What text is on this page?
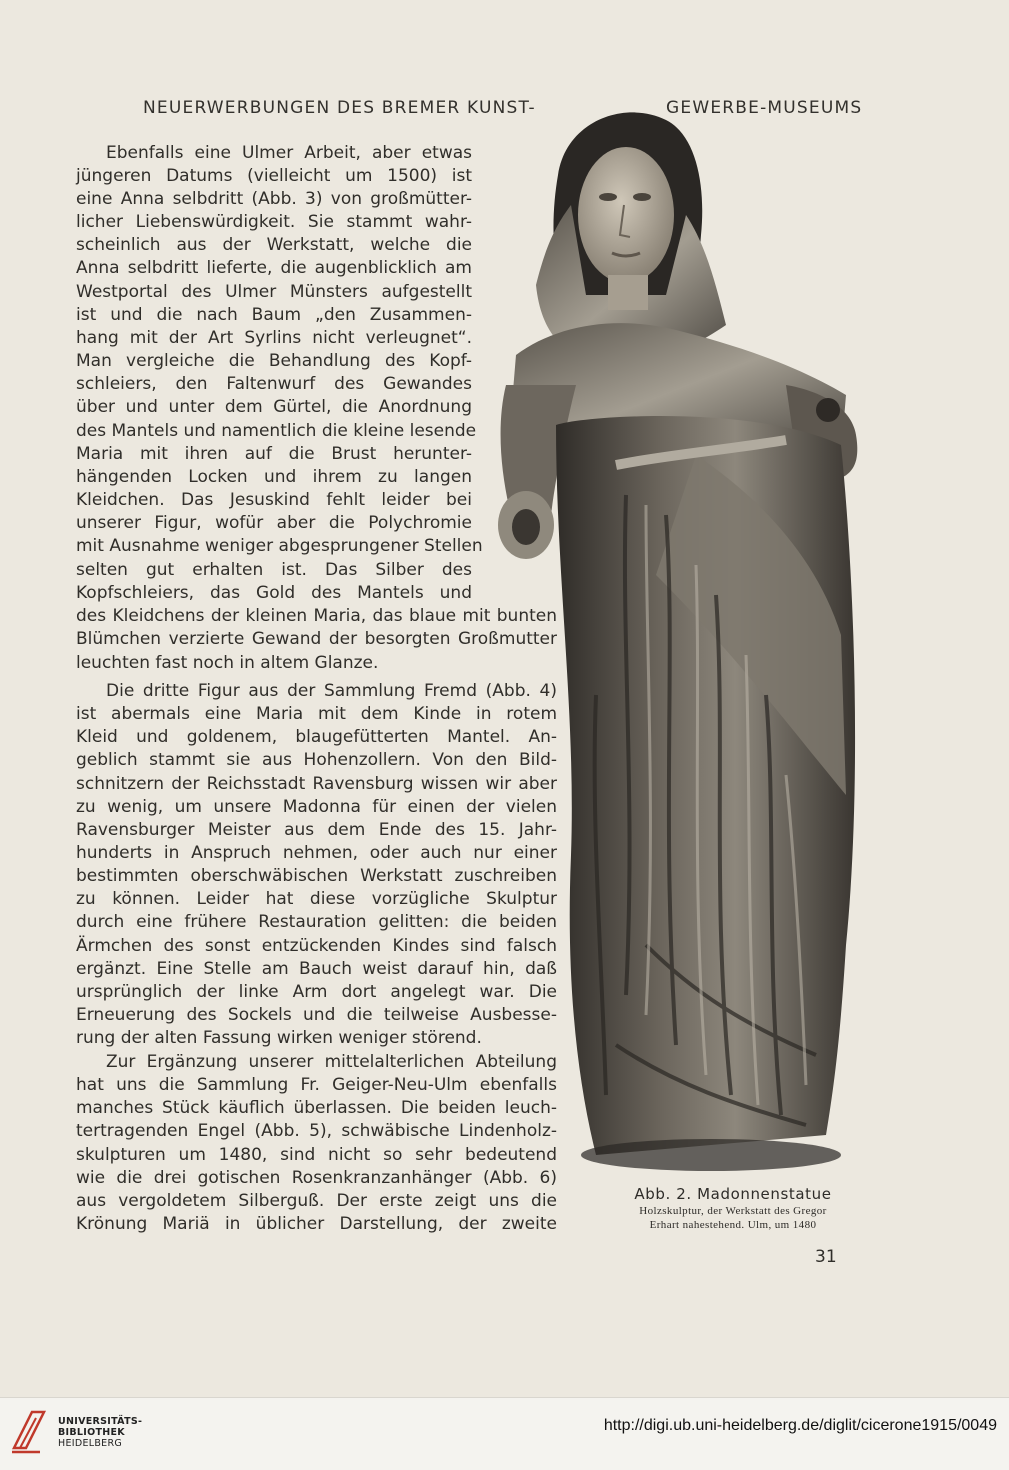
NEUERWERBUNGEN DES BREMER KUNST-	GEWERBE-MUSEUMS
Ebenfalls eine Ulmer Arbeit, aber etwas
jüngeren Datums (vielleicht um 1500) ist
eine Anna selbdritt (Abb. 3) von großmütter-
licher Liebenswürdigkeit. Sie stammt wahr-
scheinlich aus der Werkstatt, welche die
Anna selbdritt lieferte, die augenblicklich am
Westportal des Ulmer Münsters aufgestellt
ist und die nach Baum „den Zusammen-
hang mit der Art Syrlins nicht verleugnet“.
Man vergleiche die Behandlung des Kopf-
schleiers, den Faltenwurf des Gewandes
über und unter dem Gürtel, die Anordnung
des Mantels und namentlich die kleine lesende
Maria mit ihren auf die Brust herunter-
hängenden Locken und ihrem zu langen
Kleidchen. Das Jesuskind fehlt leider bei
unserer Figur, wofür aber die Polychromie
mit Ausnahme weniger abgesprungener Stellen
selten gut erhalten ist. Das Silber des
Kopfschleiers, das Gold des Mantels und
des Kleidchens der kleinen Maria, das blaue mit bunten
Blümchen verzierte Gewand der besorgten Großmutter
leuchten fast noch in altem Glanze.
Die dritte Figur aus der Sammlung Fremd (Abb. 4)
ist abermals eine Maria mit dem Kinde in rotem
Kleid und goldenem, blaugefütterten Mantel. An-
geblich stammt sie aus Hohenzollern. Von den Bild-
schnitzern der Reichsstadt Ravensburg wissen wir aber
zu wenig, um unsere Madonna für einen der vielen
Ravensburger Meister aus dem Ende des 15. Jahr-
hunderts in Anspruch nehmen, oder auch nur einer
bestimmten oberschwäbischen Werkstatt zuschreiben
zu können. Leider hat diese vorzügliche Skulptur
durch eine frühere Restauration gelitten: die beiden
Ärmchen des sonst entzückenden Kindes sind falsch
ergänzt. Eine Stelle am Bauch weist darauf hin, daß
ursprünglich der linke Arm dort angelegt war. Die
Erneuerung des Sockels und die teilweise Ausbesse-
rung der alten Fassung wirken weniger störend.
Zur Ergänzung unserer mittelalterlichen Abteilung
hat uns die Sammlung Fr. Geiger-Neu-Ulm ebenfalls
manches Stück käuflich überlassen. Die beiden leuch-
tertragenden Engel (Abb. 5), schwäbische Lindenholz-
skulpturen um 1480, sind nicht so sehr bedeutend
wie die drei gotischen Rosenkranzanhänger (Abb. 6)
aus vergoldetem Silberguß. Der erste zeigt uns die
Krönung Mariä in üblicher Darstellung, der zweite
Abb. 2. Madonnenstatue
Holzskulptur, der Werkstatt des Gregor
Erhart nahestehend. Ulm, um 1480
31
UNIVERSITÄTS-
BIBLIOTHEK
HEIDELBERG
http://digi.ub.uni-heidelberg.de/diglit/cicerone1915/0049
